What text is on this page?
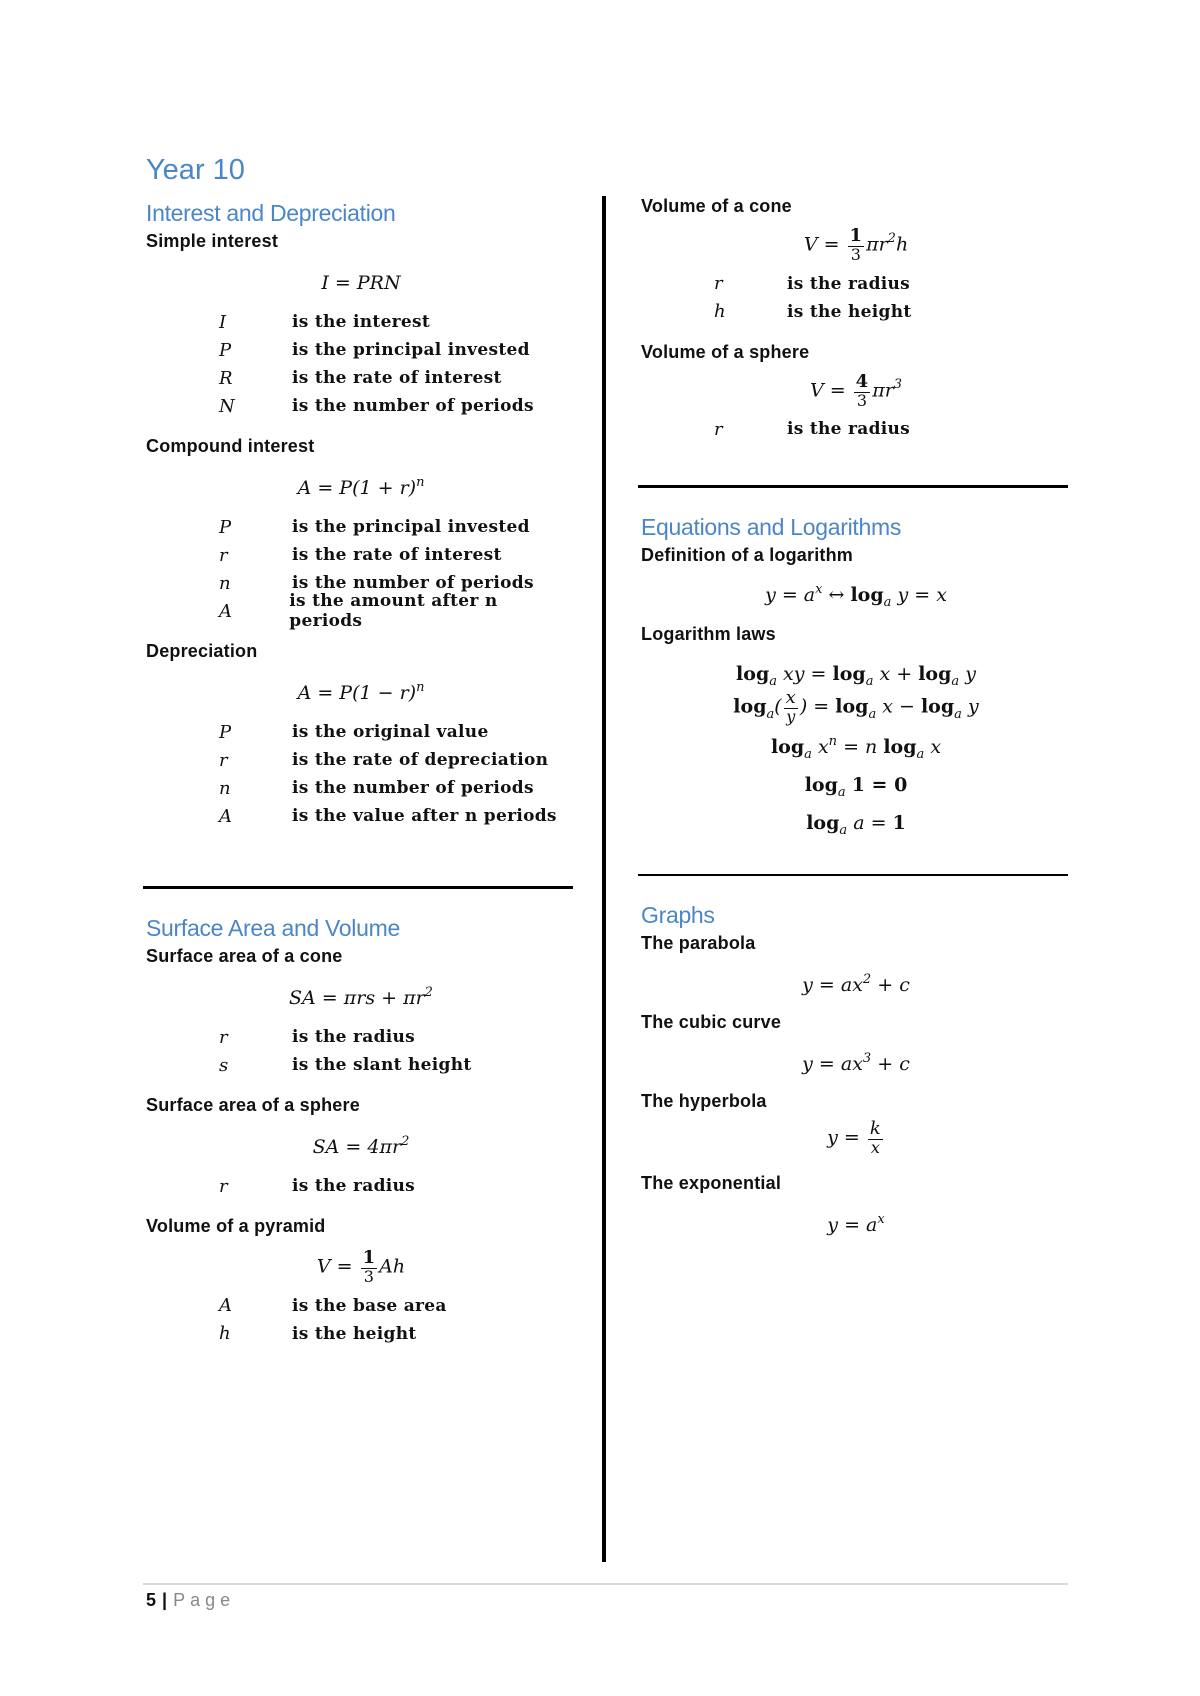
Year 10
Interest and Depreciation

Simple interest

I = PRN

I	is the interest
P	is the principal invested
R	is the rate of interest
N	is the number of periods

Compound interest

$A = P(1 + r)^n$

P	is the principal invested
r	is the rate of interest
n	is the number of periods
A	is the amount after n periods

Depreciation

$A = P(1 - r)^n$

P	is the original value
r	is the rate of depreciation
n	is the number of periods
A	is the value after n periods
Surface Area and Volume

Surface area of a cone

SA = $\pi rs + \pi r^2$

r	is the radius
s	is the slant height

Surface area of a sphere

SA = $4\pi r^2$

r	is the radius

Volume of a pyramid

$V = \frac{1}{3}$ Ah

A	is the base area
h	is the height

Volume of a cone

$V = \frac{1}{3} \pi r^2h$

r	is the radius
h	is the height

Volume of a sphere

$V = \frac{4}{3} \pi r^3$

r	is the radius
Equations and Logarithms

Definition of a logarithm

$y = a^x$ ↔ $\log_a y = x$

Logarithm laws

$\log_a$ xy = $\log_a x + \log_a y$

$\log_a( \frac{x}{y}$ ) = $\log_a x - \log_a y$

$\log_a x^n = n$ $\log_a x$

$\log_a 1 = 0$

$\log_a a = 1$

Graphs

The parabola

$y = ax^2 + c$

The cubic curve

$y = ax^3 + c$

The hyperbola

$y = \frac{k}{x}$

The exponential

$y = a^x$

5 | Page
